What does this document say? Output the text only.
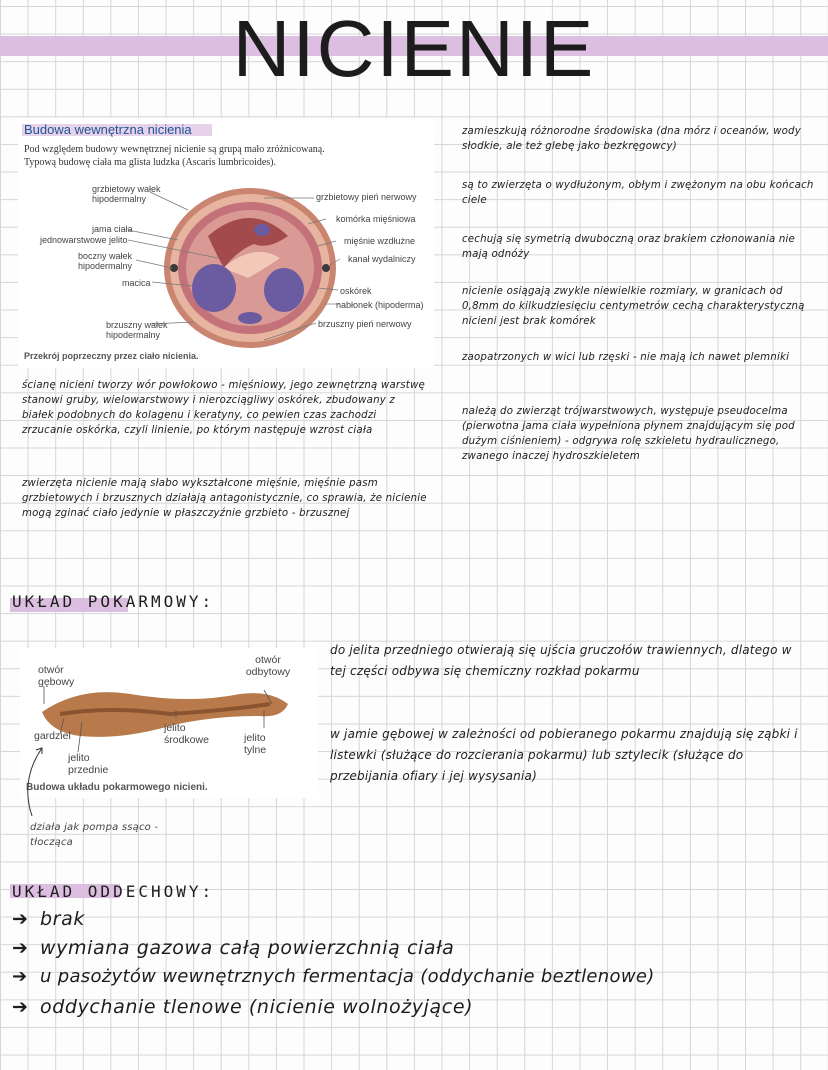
NICIENIE
Budowa wewnętrzna nicienia
Pod względem budowy wewnętrznej nicienie są grupą mało zróżnicowaną.
Typową budowę ciała ma glista ludzka (Ascaris lumbricoides).
grzbietowy wałek hipodermalny
jama ciała
jednowarstwowe jelito
boczny wałek hipodermalny
macica
brzuszny wałek hipodermalny
grzbietowy pień nerwowy
komórka mięśniowa
mięśnie wzdłużne
kanał wydalniczy
oskórek
nabłonek (hipoderma)
brzuszny pień nerwowy
Przekrój poprzeczny przez ciało nicienia.
zamieszkują różnorodne środowiska (dna mórz i oceanów, wody słodkie, ale też glebę jako bezkręgowcy)
są to zwierzęta o wydłużonym, obłym i zwężonym na obu końcach ciele
cechują się symetrią dwuboczną oraz brakiem członowania nie mają odnóży
nicienie osiągają zwykle niewielkie rozmiary, w granicach od 0,8mm do kilkudziesięciu centymetrów cechą charakterystyczną nicieni jest brak komórek
zaopatrzonych w wici lub rzęski - nie mają ich nawet plemniki
należą do zwierząt trójwarstwowych, występuje pseudocelma (pierwotna jama ciała wypełniona płynem znajdującym się pod dużym ciśnieniem) - odgrywa rolę szkieletu hydraulicznego, zwanego inaczej hydroszkieletem
ścianę nicieni tworzy wór powłokowo - mięśniowy, jego zewnętrzną warstwę stanowi gruby, wielowarstwowy i nierozciągliwy oskórek, zbudowany z białek podobnych do kolagenu i keratyny, co pewien czas zachodzi zrzucanie oskórka, czyli linienie, po którym następuje wzrost ciała
zwierzęta nicienie mają słabo wykształcone mięśnie, mięśnie pasm grzbietowych i brzusznych działają antagonistycznie, co sprawia, że nicienie mogą zginać ciało jedynie w płaszczyźnie grzbieto - brzusznej
UKŁAD POKARMOWY:
otwór gębowy
otwór odbytowy
gardziel
jelito środkowe	jelito tylne
jelito przednie
Budowa układu pokarmowego nicieni.
działa jak pompa ssąco - tłocząca
do jelita przedniego otwierają się ujścia gruczołów trawiennych, dlatego w tej części odbywa się chemiczny rozkład pokarmu
w jamie gębowej w zależności od pobieranego pokarmu znajdują się ząbki i listewki (służące do rozcierania pokarmu) lub sztylecik (służące do przebijania ofiary i jej wysysania)
UKŁAD ODDECHOWY:
➔ brak
➔ wymiana gazowa całą powierzchnią ciała
➔ u pasożytów wewnętrznych fermentacja (oddychanie beztlenowe)
➔ oddychanie tlenowe (nicienie wolnożyjące)
